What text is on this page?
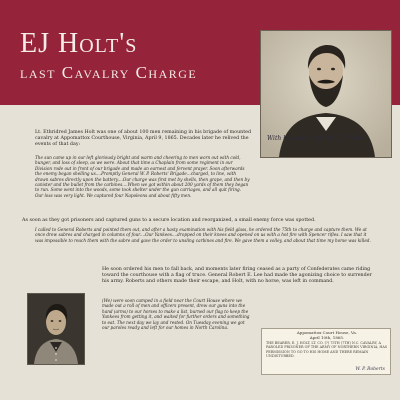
EJ Holt's
last Cavalry Charge
With his good regards / EJ Holt

Lt. Ethridred James Holt was one of about 100 men remaining in his brigade of mounted cavalry at Appomattox Courthouse, Virginia, April 9, 1865. Decades later he relived the events of that day:

The sun came up in our left gloriously bright and warm and cheering to men worn out with cold, hunger, and loss of sleep, as we were. About that time a Chaplain from some regiment in our Division rode out in front of our brigade and made an earnest and fervent prayer. Soon afterwards the enemy began shelling us....Promptly General W. P. Roberts' Brigade...charged, to line, with drawn sabres directly upon the battery....Our charge was first met by shells, then grape, and then by canister and the bullet from the carbines....When we got within about 200 yards of them they began to run. Some went into the woods, some took shelter under the gun carriages, and all quit firing. Our loss was very light. We captured four Napoleons and about fifty men.

As soon as they got prisoners and captured guns to a secure location and reorganized, a small enemy force was spotted.

I called to General Roberts and pointed them out, and after a hasty examination with his field glass, he ordered the 75th to charge and capture them. We at once drew sabres and charged in columns of four....Our Yankees....dropped on their knees and opened on us with a hot fire with Spencer rifles. I saw that it was impossible to reach them with the sabre and gave the order to unsling carbines and fire. We gave them a volley, and about that time my horse was killed.

He soon ordered his men to fall back, and moments later firing ceased as a party of Confederates came riding toward the courthouse with a flag of truce. General Robert E. Lee had made the agonizing choice to surrender his army. Roberts and others made their escape, and Holt, with no horse, was left in command.

(We) were soon camped in a field near the Court House where we made out a roll of men and officers present, drew our guns into the hand (arms) to our horses to make a list, burned our flag to keep the Yankees from getting it, and waited for further orders and something to eat. The next day we lay and rested. On Tuesday evening we got our paroles ready and left for our homes in North Carolina.

Appomattox Court House, Va.
April 10th, 1865.
THE BEARER, E. J. HOLT, LT. CO. (?) 75TH (7TH) N.C. CAVALRY, A PAROLED PRISONER OF THE ARMY OF NORTHERN VIRGINIA, HAS PERMISSION TO GO TO HIS HOME AND THERE REMAIN UNDISTURBED.
W. P. Roberts
